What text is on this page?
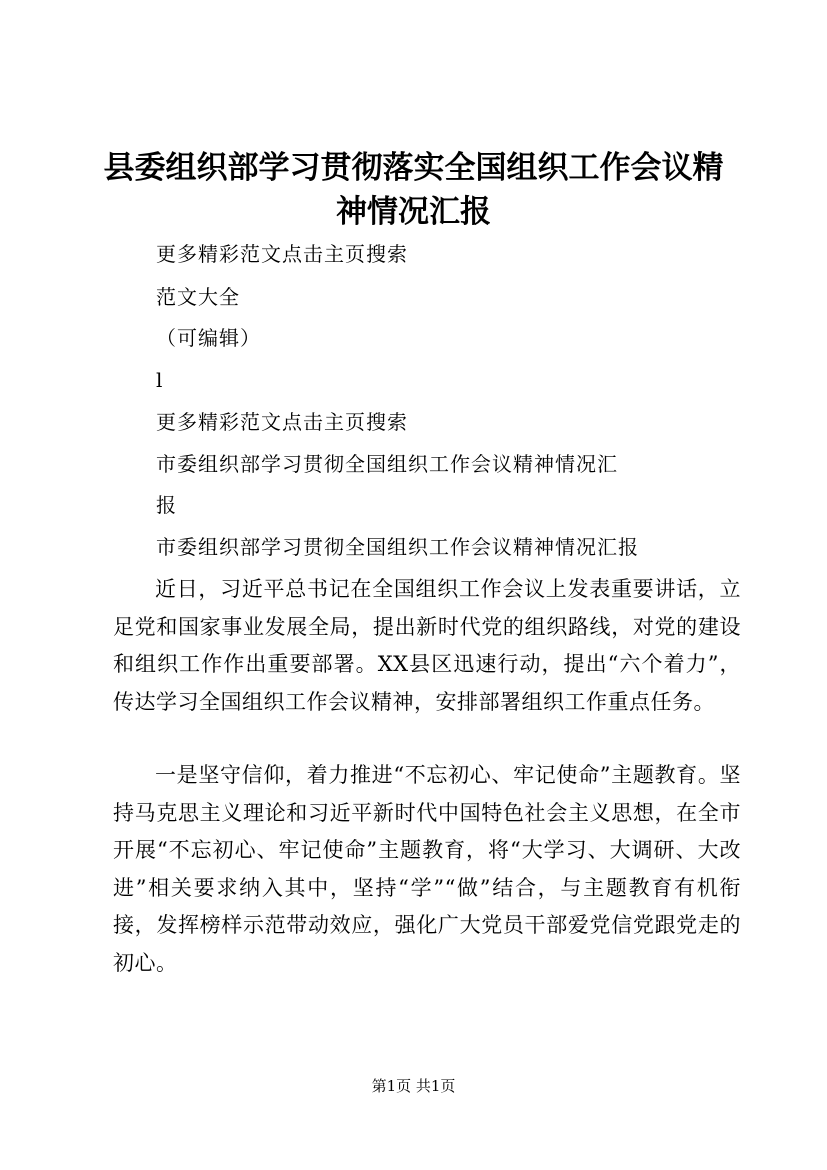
县委组织部学习贯彻落实全国组织工作会议精神情况汇报
更多精彩范文点击主页搜索
范文大全
（可编辑）
l
更多精彩范文点击主页搜索
市委组织部学习贯彻全国组织工作会议精神情况汇
报
市委组织部学习贯彻全国组织工作会议精神情况汇报
近日，习近平总书记在全国组织工作会议上发表重要讲话，立足党和国家事业发展全局，提出新时代党的组织路线，对党的建设和组织工作作出重要部署。XX县区迅速行动，提出“六个着力”，传达学习全国组织工作会议精神，安排部署组织工作重点任务。
一是坚守信仰，着力推进“不忘初心、牢记使命”主题教育。坚持马克思主义理论和习近平新时代中国特色社会主义思想，在全市开展“不忘初心、牢记使命”主题教育，将“大学习、大调研、大改进”相关要求纳入其中，坚持“学”“做”结合，与主题教育有机衔接，发挥榜样示范带动效应，强化广大党员干部爱党信党跟党走的初心。
第1页 共1页
